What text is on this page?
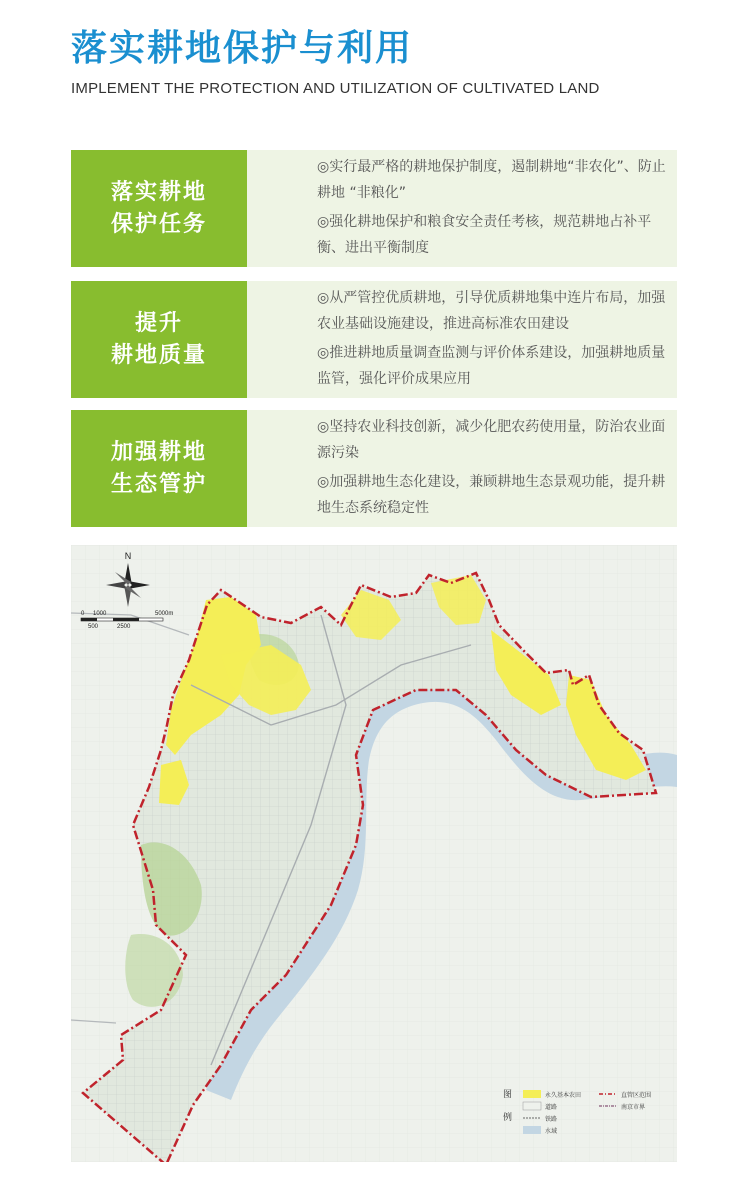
落实耕地保护与利用
IMPLEMENT THE PROTECTION AND UTILIZATION OF CULTIVATED LAND
落实耕地
保护任务

◎实行最严格的耕地保护制度，遏制耕地“非农化”、防止耕地 “非粮化”

◎强化耕地保护和粮食安全责任考核，规范耕地占补平衡、进出平衡制度

提升
耕地质量

◎从严管控优质耕地，引导优质耕地集中连片布局，加强农业基础设施建设，推进高标准农田建设

◎推进耕地质量调查监测与评价体系建设，加强耕地质量监管，强化评价成果应用

加强耕地
生态管护

◎坚持农业科技创新，减少化肥农药使用量，防治农业面源污染

◎加强耕地生态化建设，兼顾耕地生态景观功能，提升耕地生态系统稳定性

N
0 1000	5000m
500	2500
图
例
永久基本农田
道路
铁路
水域
直管区范围
南京市界
